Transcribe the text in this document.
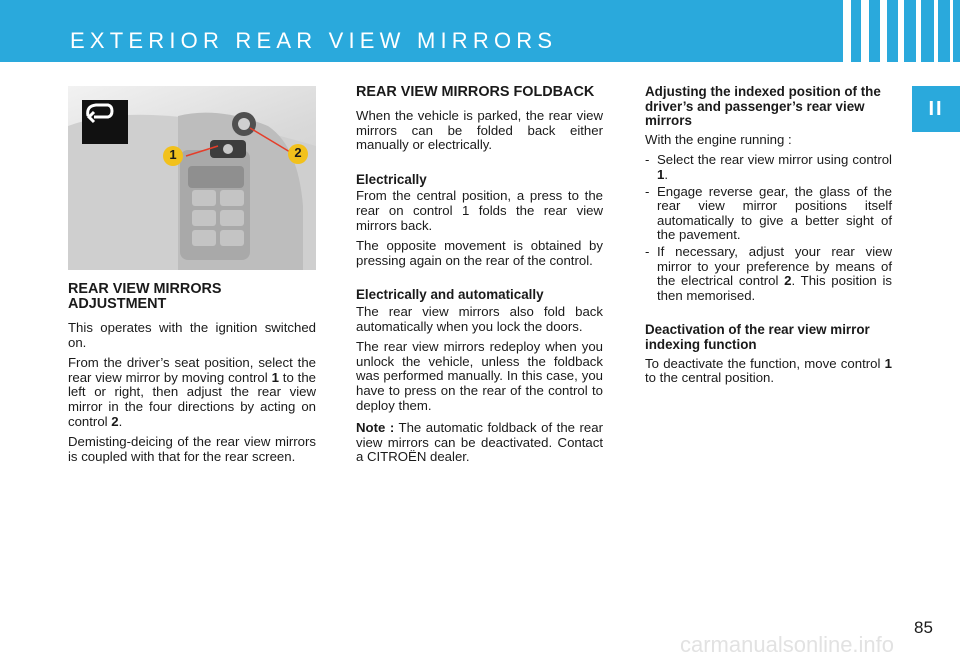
EXTERIOR REAR VIEW MIRRORS
II
1	2
REAR VIEW MIRRORS ADJUSTMENT

This operates with the ignition switched on.

From the driver’s seat position, select the rear view mirror by moving control 1 to the left or right, then adjust the rear view mirror in the four directions by acting on control 2.

Demisting-deicing of the rear view mirrors is coupled with that for the rear screen.

REAR VIEW MIRRORS FOLDBACK

When the vehicle is parked, the rear view mirrors can be folded back either manually or electrically.

Electrically

From the central position, a press to the rear on control 1 folds the rear view mirrors back.

The opposite movement is obtained by pressing again on the rear of the control.

Electrically and automatically

The rear view mirrors also fold back automatically when you lock the doors.

The rear view mirrors redeploy when you unlock the vehicle, unless the foldback was performed manually. In this case, you have to press on the rear of the control to deploy them.

Note : The automatic foldback of the rear view mirrors can be deactivated. Contact a CITROËN dealer.

Adjusting the indexed position of the driver’s and passenger’s rear view mirrors

With the engine running :

- Select the rear view mirror using control 1.
- Engage reverse gear, the glass of the rear view mirror positions itself automatically to give a better sight of the pavement.
- If necessary, adjust your rear view mirror to your preference by means of the electrical control 2. This position is then memorised.
Deactivation of the rear view mirror indexing function

To deactivate the function, move control 1 to the central position.

85
carmanualsonline.info
